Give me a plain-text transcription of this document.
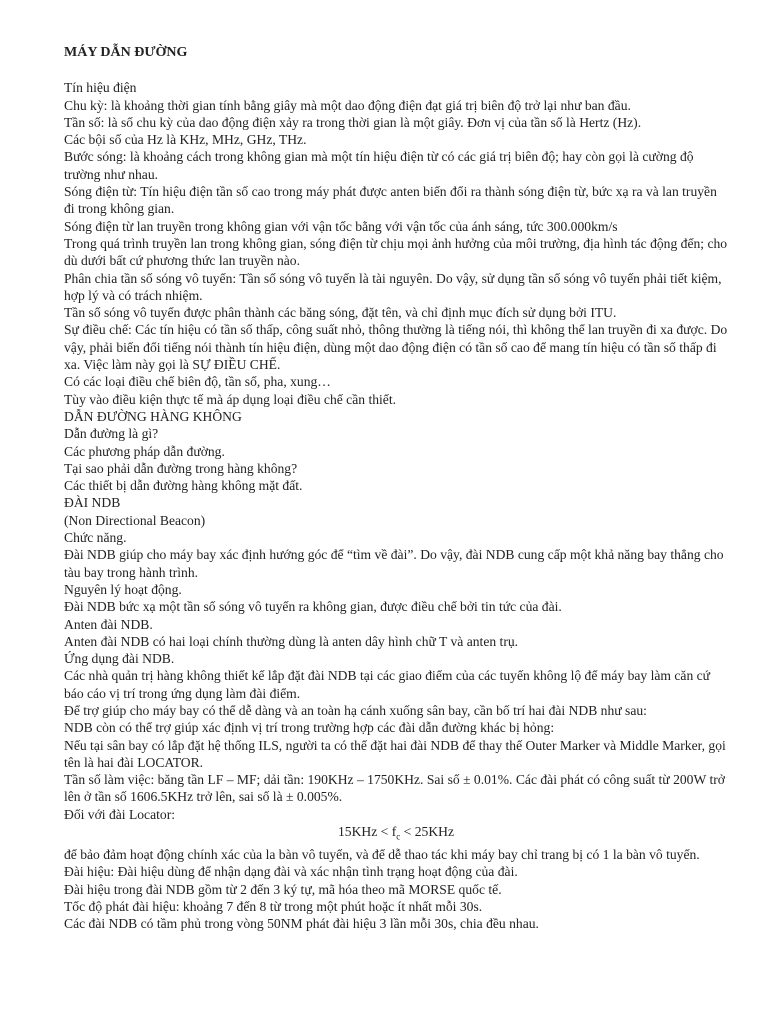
MÁY DẪN ĐƯỜNG

Tín hiệu điện

Chu kỳ: là khoảng thời gian tính bằng giây mà một dao động điện đạt giá trị biên độ trở lại như ban đầu.

Tần số: là số chu kỳ của dao động điện xảy ra trong thời gian là một giây. Đơn vị của tần số là Hertz (Hz).

Các bội số của Hz là KHz, MHz, GHz, THz.

Bước sóng: là khoảng cách trong không gian mà một tín hiệu điện từ có các giá trị biên độ; hay còn gọi là cường độ trường như nhau.

Sóng điện từ: Tín hiệu điện tần số cao trong máy phát được anten biến đổi ra thành sóng điện từ, bức xạ ra và lan truyền đi trong không gian.

Sóng điện từ lan truyền trong không gian với vận tốc bằng với vận tốc của ánh sáng, tức 300.000km/s

Trong quá trình truyền lan trong không gian, sóng điện từ chịu mọi ảnh hưởng của môi trường, địa hình tác động đến; cho dù dưới bất cứ phương thức lan truyền nào.

Phân chia tần số sóng vô tuyến: Tần số sóng vô tuyến là tài nguyên. Do vậy, sử dụng tần số sóng vô tuyến phải tiết kiệm, hợp lý và có trách nhiệm.

Tần số sóng vô tuyến được phân thành các băng sóng, đặt tên, và chỉ định mục đích sử dụng bởi ITU.

Sự điều chế: Các tín hiệu có tần số thấp, công suất nhỏ, thông thường là tiếng nói, thì không thể lan truyền đi xa được. Do vậy, phải biến đổi tiếng nói thành tín hiệu điện, dùng một dao động điện có tần số cao để mang tín hiệu có tần số thấp đi xa. Việc làm này gọi là SỰ ĐIỀU CHẾ.

Có các loại điều chế biên độ, tần số, pha, xung…

Tùy vào điều kiện thực tế mà áp dụng loại điều chế cần thiết.

DẪN ĐƯỜNG HÀNG KHÔNG

Dẫn đường là gì?

Các phương pháp dẫn đường.

Tại sao phải dẫn đường trong hàng không?

Các thiết bị dẫn đường hàng không mặt đất.

ĐÀI NDB

(Non Directional Beacon)

Chức năng.

Đài NDB giúp cho máy bay xác định hướng góc để “tìm về đài”. Do vậy, đài NDB cung cấp một khả năng bay thẳng cho tàu bay trong hành trình.

Nguyên lý hoạt động.

Đài NDB bức xạ một tần số sóng vô tuyến ra không gian, được điều chế bởi tin tức của đài.

Anten đài NDB.

Anten đài NDB có hai loại chính thường dùng là anten dây hình chữ T và anten trụ.

Ứng dụng đài NDB.

Các nhà quản trị hàng không thiết kế lắp đặt đài NDB tại các giao điểm của các tuyến không lộ để máy bay làm căn cứ báo cáo vị trí trong ứng dụng làm đài điểm.

Để trợ giúp cho máy bay có thể dễ dàng và an toàn hạ cánh xuống sân bay, cần bố trí hai đài NDB như sau:

NDB còn có thể trợ giúp xác định vị trí trong trường hợp các đài dẫn đường khác bị hỏng:

Nếu tại sân bay có lắp đặt hệ thống ILS, người ta có thể đặt hai đài NDB để thay thế Outer Marker và Middle Marker, gọi tên là hai đài LOCATOR.

Tần số làm việc: băng tần LF – MF; dải tần: 190KHz – 1750KHz. Sai số ± 0.01%. Các đài phát có công suất từ 200W trở lên ở tần số 1606.5KHz trở lên, sai số là ± 0.005%.

Đối với đài Locator:

$15KHz < f_c < 25KHz$

để bảo đảm hoạt động chính xác của la bàn vô tuyến, và để dễ thao tác khi máy bay chỉ trang bị có 1 la bàn vô tuyến.

Đài hiệu: Đài hiệu dùng để nhận dạng đài và xác nhận tình trạng hoạt động của đài.

Đài hiệu trong đài NDB gồm từ 2 đến 3 ký tự, mã hóa theo mã MORSE quốc tế.

Tốc độ phát đài hiệu: khoảng 7 đến 8 từ trong một phút hoặc ít nhất mỗi 30s.

Các đài NDB có tầm phủ trong vòng 50NM phát đài hiệu 3 lần mỗi 30s, chia đều nhau.
